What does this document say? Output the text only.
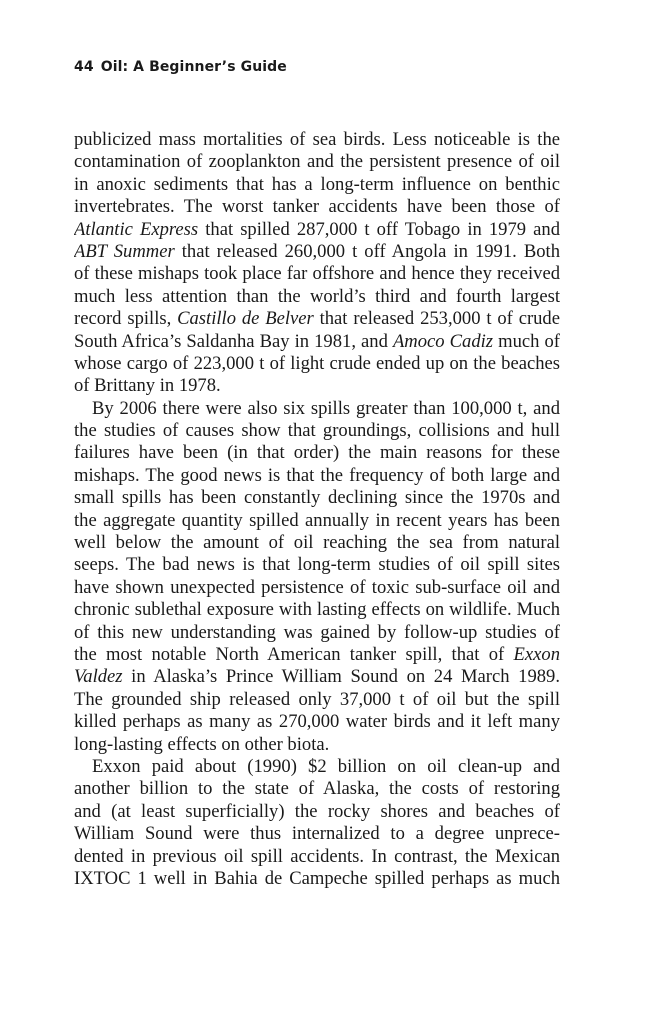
44 Oil: A Beginner’s Guide
publicized mass mortalities of sea birds. Less noticeable is the
contamination of zooplankton and the persistent presence of oil
in anoxic sediments that has a long-term influence on benthic
invertebrates. The worst tanker accidents have been those of
Atlantic Express that spilled 287,000 t off Tobago in 1979 and
ABT Summer that released 260,000 t off Angola in 1991. Both
of these mishaps took place far offshore and hence they received
much less attention than the world’s third and fourth largest
record spills, Castillo de Belver that released 253,000 t of crude
South Africa’s Saldanha Bay in 1981, and Amoco Cadiz much of
whose cargo of 223,000 t of light crude ended up on the beaches
of Brittany in 1978.
By 2006 there were also six spills greater than 100,000 t, and
the studies of causes show that groundings, collisions and hull
failures have been (in that order) the main reasons for these
mishaps. The good news is that the frequency of both large and
small spills has been constantly declining since the 1970s and
the aggregate quantity spilled annually in recent years has been
well below the amount of oil reaching the sea from natural
seeps. The bad news is that long-term studies of oil spill sites
have shown unexpected persistence of toxic sub-surface oil and
chronic sublethal exposure with lasting effects on wildlife. Much
of this new understanding was gained by follow-up studies of
the most notable North American tanker spill, that of Exxon
Valdez in Alaska’s Prince William Sound on 24 March 1989.
The grounded ship released only 37,000 t of oil but the spill
killed perhaps as many as 270,000 water birds and it left many
long-lasting effects on other biota.
Exxon paid about (1990) $2 billion on oil clean-up and
another billion to the state of Alaska, the costs of restoring
and (at least superficially) the rocky shores and beaches of
William Sound were thus internalized to a degree unprece-
dented in previous oil spill accidents. In contrast, the Mexican
IXTOC 1 well in Bahia de Campeche spilled perhaps as much
